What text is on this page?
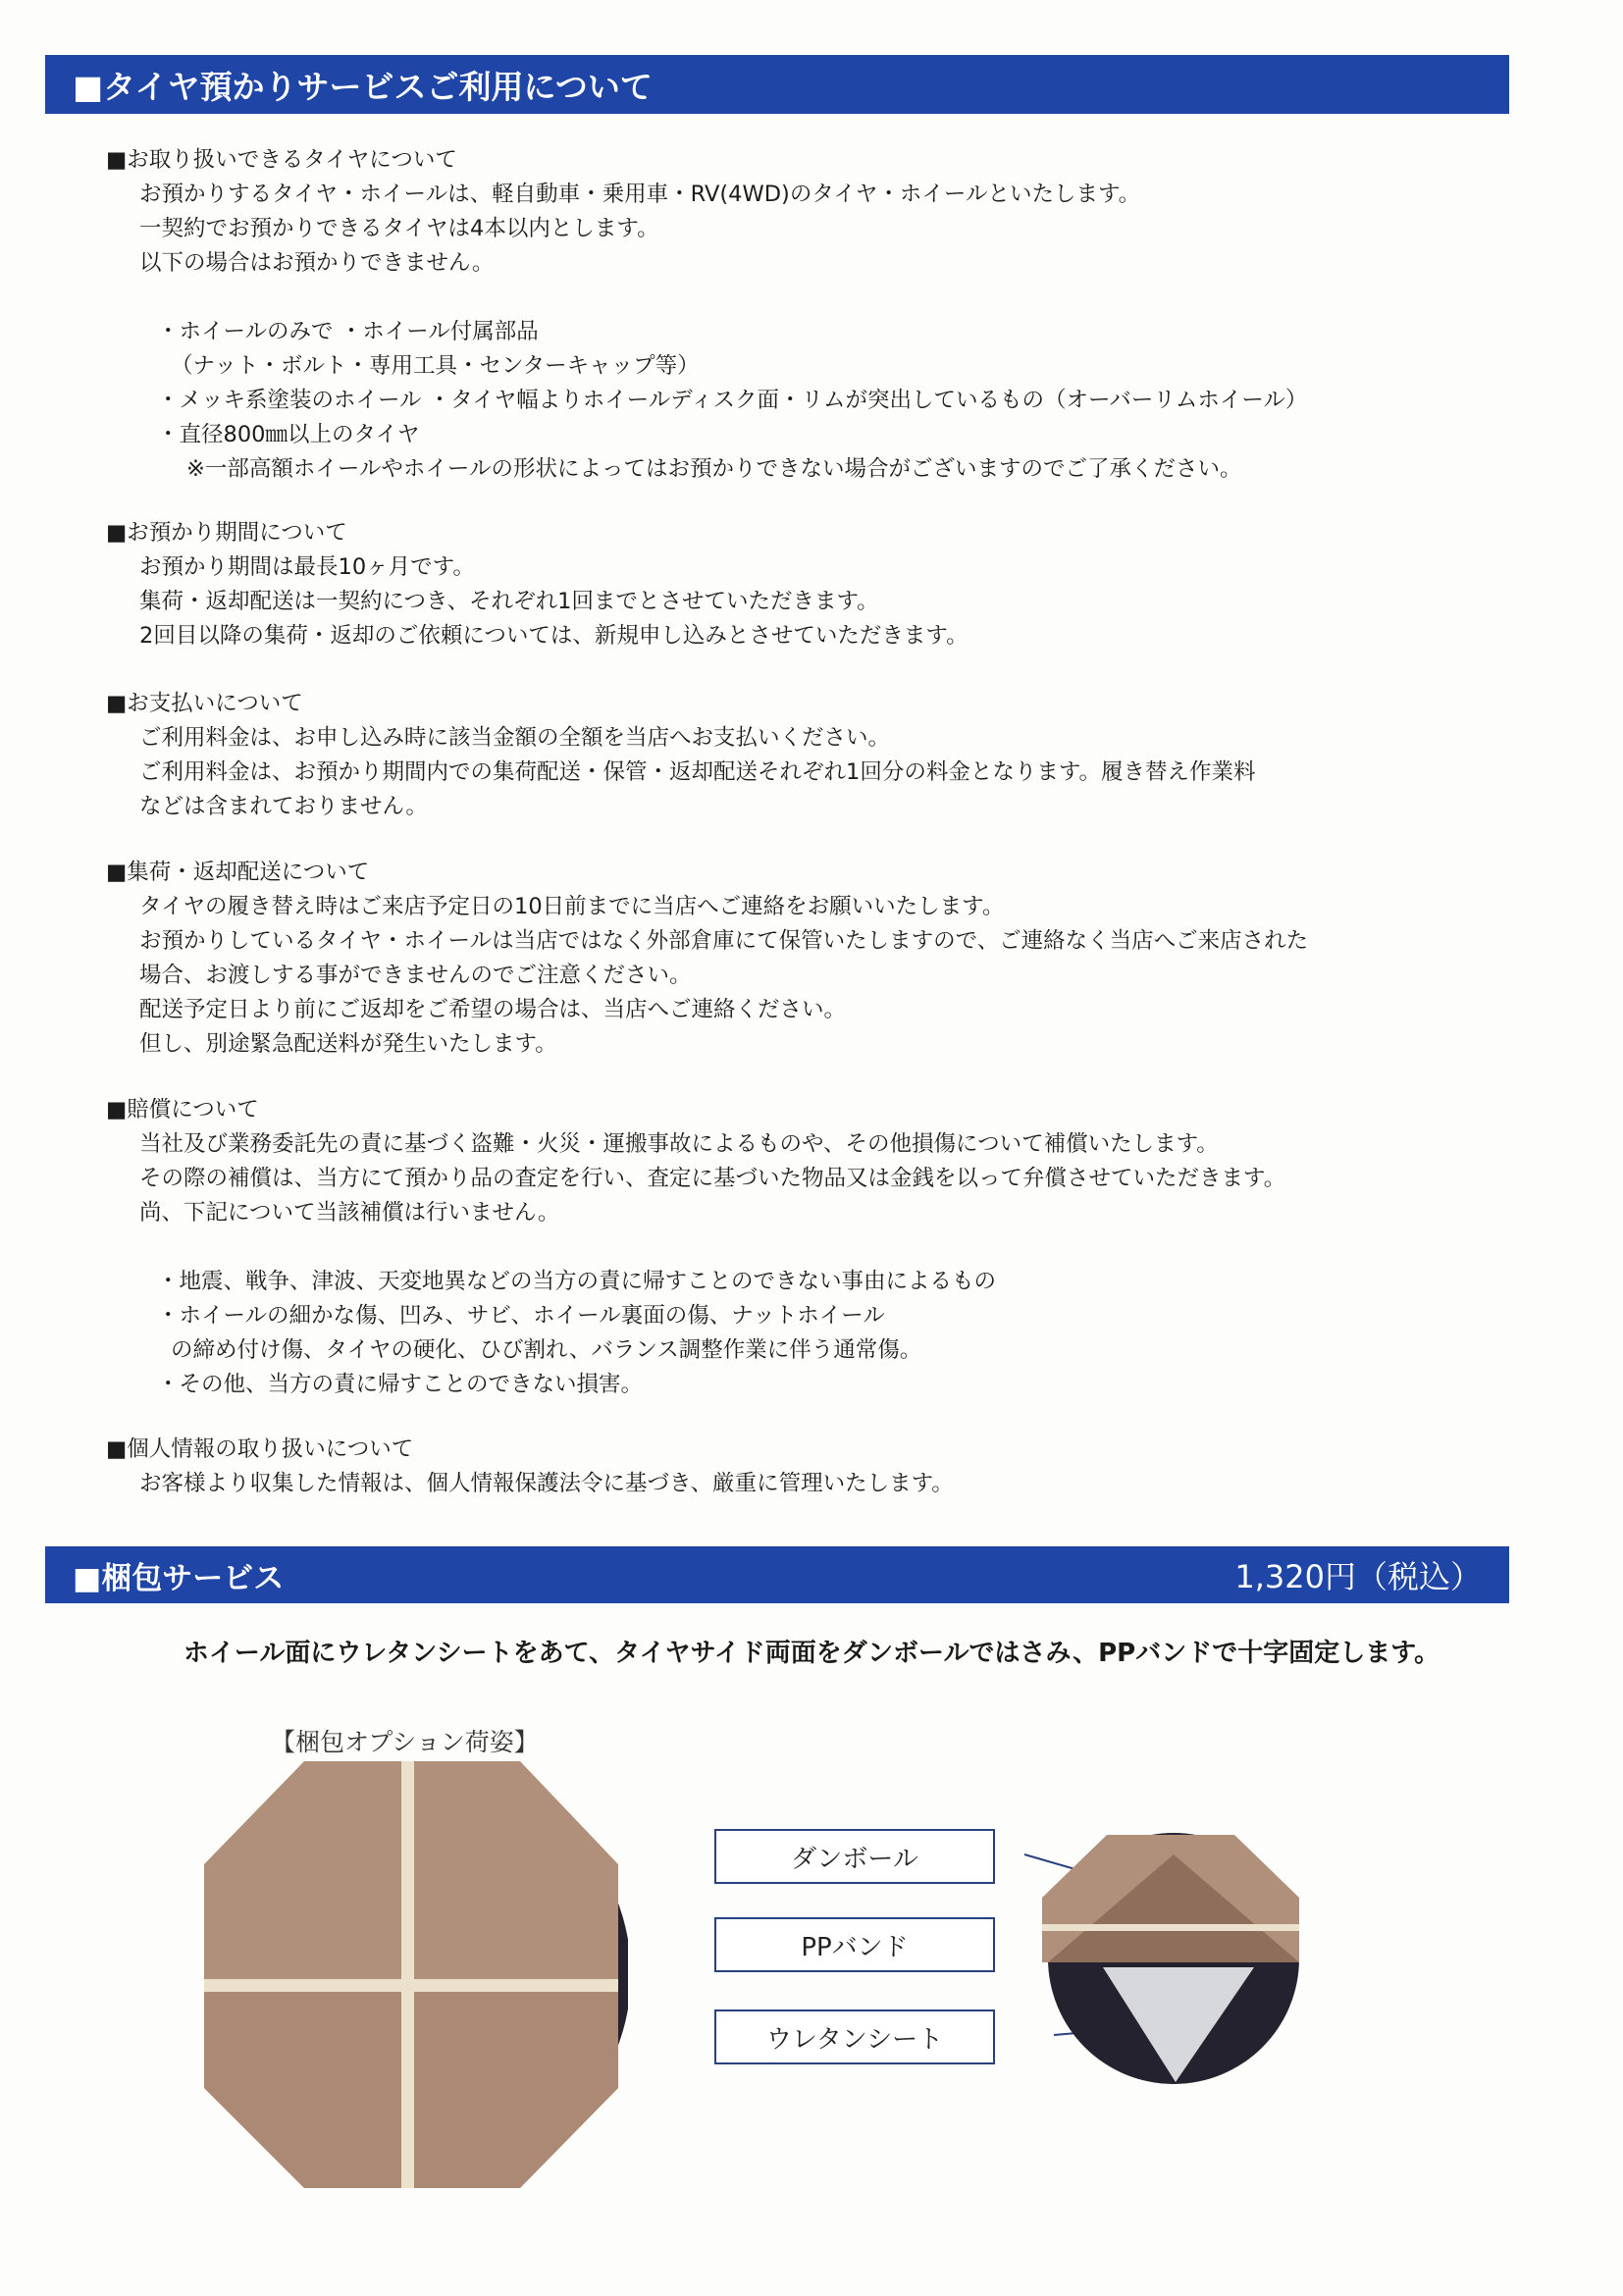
■タイヤ預かりサービスご利用について
■お取り扱いできるタイヤについて
お預かりするタイヤ・ホイールは、軽自動車・乗用車・RV(4WD)のタイヤ・ホイールといたします。
一契約でお預かりできるタイヤは4本以内とします。
以下の場合はお預かりできません。
・ホイールのみで ・ホイール付属部品
（ナット・ボルト・専用工具・センターキャップ等）
・メッキ系塗装のホイール ・タイヤ幅よりホイールディスク面・リムが突出しているもの（オーバーリムホイール）
・直径800㎜以上のタイヤ
※一部高額ホイールやホイールの形状によってはお預かりできない場合がございますのでご了承ください。
■お預かり期間について
お預かり期間は最長10ヶ月です。
集荷・返却配送は一契約につき、それぞれ1回までとさせていただきます。
2回目以降の集荷・返却のご依頼については、新規申し込みとさせていただきます。
■お支払いについて
ご利用料金は、お申し込み時に該当金額の全額を当店へお支払いください。
ご利用料金は、お預かり期間内での集荷配送・保管・返却配送それぞれ1回分の料金となります。履き替え作業料
などは含まれておりません。
■集荷・返却配送について
タイヤの履き替え時はご来店予定日の10日前までに当店へご連絡をお願いいたします。
お預かりしているタイヤ・ホイールは当店ではなく外部倉庫にて保管いたしますので、ご連絡なく当店へご来店された
場合、お渡しする事ができませんのでご注意ください。
配送予定日より前にご返却をご希望の場合は、当店へご連絡ください。
但し、別途緊急配送料が発生いたします。
■賠償について
当社及び業務委託先の責に基づく盗難・火災・運搬事故によるものや、その他損傷について補償いたします。
その際の補償は、当方にて預かり品の査定を行い、査定に基づいた物品又は金銭を以って弁償させていただきます。
尚、下記について当該補償は行いません。
・地震、戦争、津波、天変地異などの当方の責に帰すことのできない事由によるもの
・ホイールの細かな傷、凹み、サビ、ホイール裏面の傷、ナットホイール
の締め付け傷、タイヤの硬化、ひび割れ、バランス調整作業に伴う通常傷。
・その他、当方の責に帰すことのできない損害。
■個人情報の取り扱いについて
お客様より収集した情報は、個人情報保護法令に基づき、厳重に管理いたします。
■梱包サービス	1,320円（税込）
ホイール面にウレタンシートをあて、タイヤサイド両面をダンボールではさみ、PPバンドで十字固定します。
【梱包オプション荷姿】
ダンボール
PPバンド
ウレタンシート
